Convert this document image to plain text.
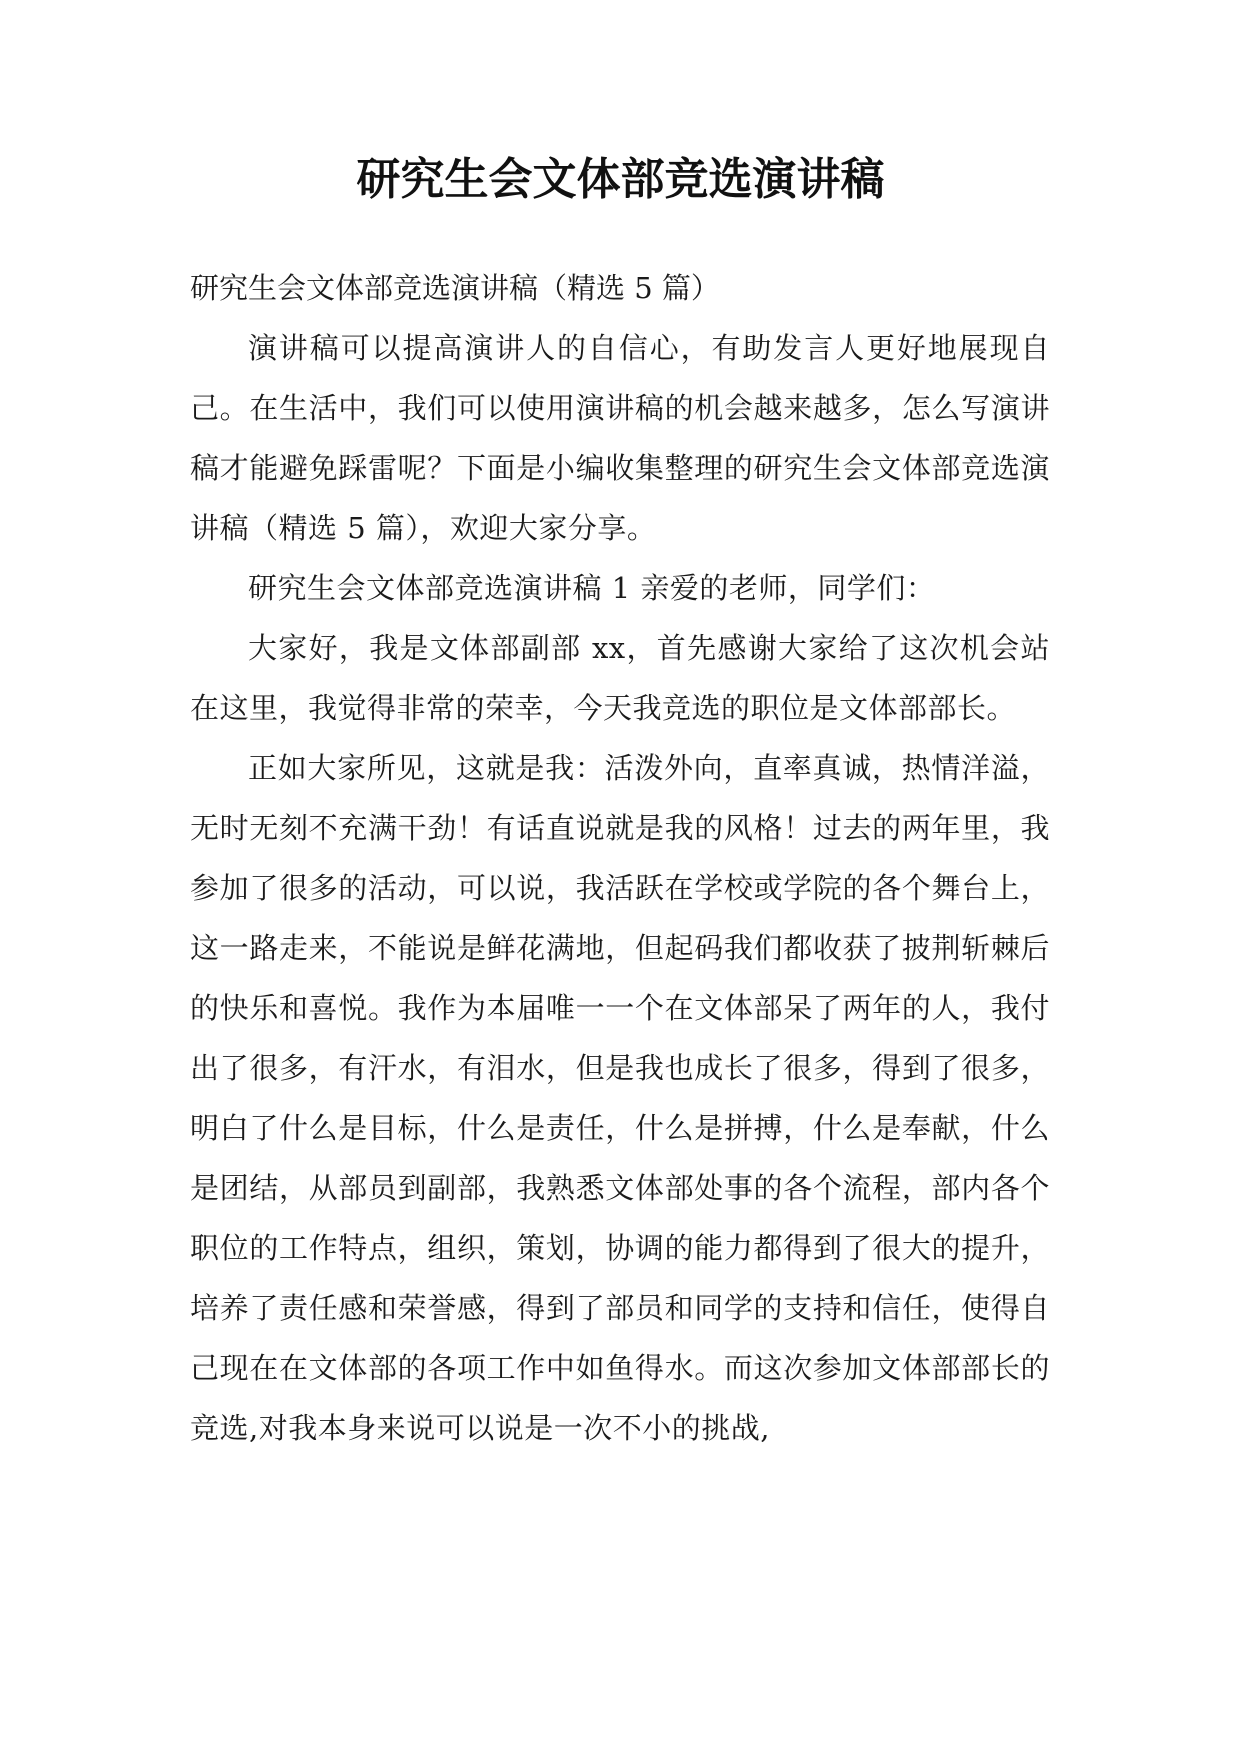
研究生会文体部竞选演讲稿

研究生会文体部竞选演讲稿（精选 5 篇）

演讲稿可以提高演讲人的自信心，有助发言人更好地展现自己。在生活中，我们可以使用演讲稿的机会越来越多，怎么写演讲稿才能避免踩雷呢？下面是小编收集整理的研究生会文体部竞选演讲稿（精选 5 篇），欢迎大家分享。

研究生会文体部竞选演讲稿 1 亲爱的老师，同学们：

大家好，我是文体部副部 xx，首先感谢大家给了这次机会站在这里，我觉得非常的荣幸，今天我竞选的职位是文体部部长。

正如大家所见，这就是我：活泼外向，直率真诚，热情洋溢，无时无刻不充满干劲！有话直说就是我的风格！过去的两年里，我参加了很多的活动，可以说，我活跃在学校或学院的各个舞台上，这一路走来，不能说是鲜花满地，但起码我们都收获了披荆斩棘后的快乐和喜悦。我作为本届唯一一个在文体部呆了两年的人，我付出了很多，有汗水，有泪水，但是我也成长了很多，得到了很多，明白了什么是目标，什么是责任，什么是拼搏，什么是奉献，什么是团结，从部员到副部，我熟悉文体部处事的各个流程，部内各个职位的工作特点，组织，策划，协调的能力都得到了很大的提升，培养了责任感和荣誉感，得到了部员和同学的支持和信任，使得自己现在在文体部的各项工作中如鱼得水。而这次参加文体部部长的竞选,对我本身来说可以说是一次不小的挑战,
